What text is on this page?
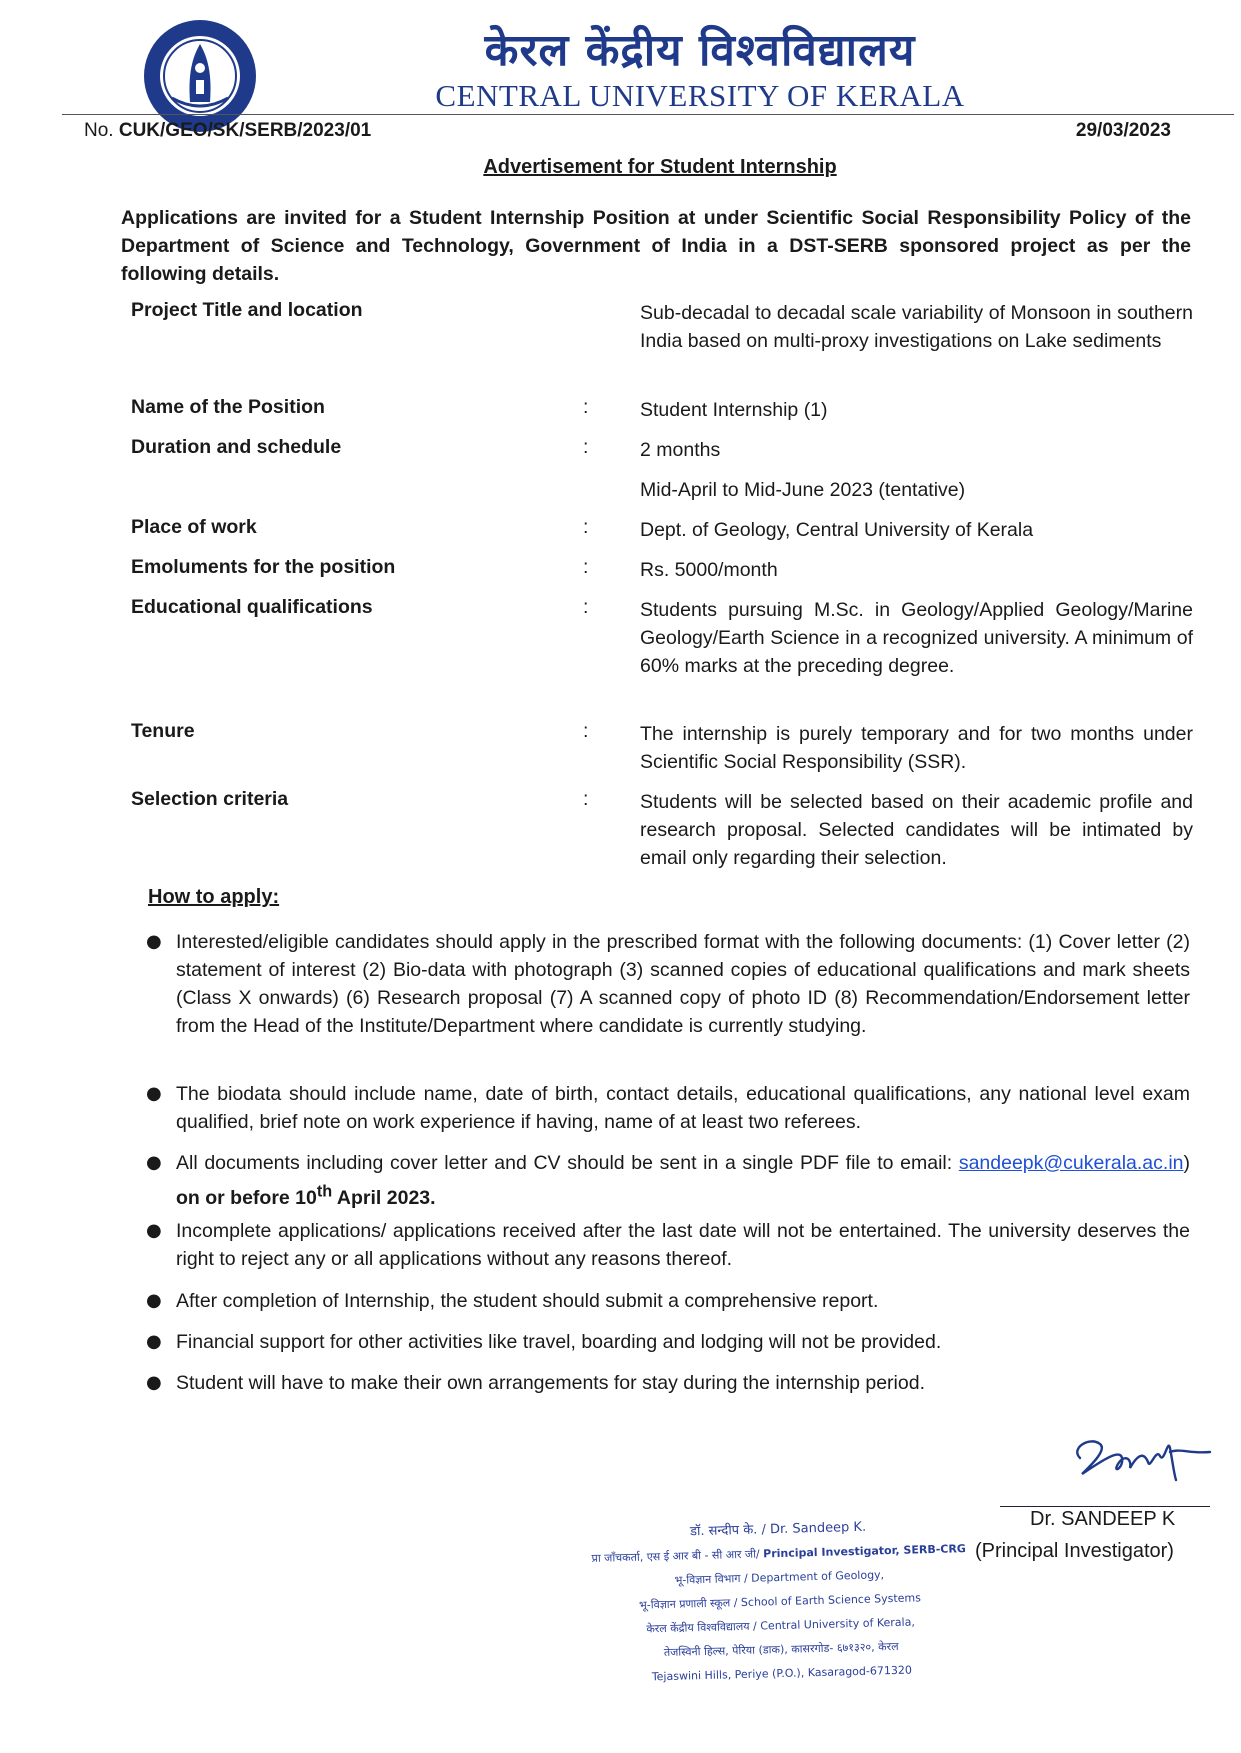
केरल केंद्रीय विश्वविद्यालय
CENTRAL UNIVERSITY OF KERALA
No. CUK/GEO/SK/SERB/2023/01	29/03/2023
Advertisement for Student Internship
Applications are invited for a Student Internship Position at under Scientific Social Responsibility Policy of the Department of Science and Technology, Government of India in a DST-SERB sponsored project as per the following details.
Project Title and location	Sub-decadal to decadal scale variability of Monsoon in southern India based on multi-proxy investigations on Lake sediments
Name of the Position	:	Student Internship (1)
Duration and schedule	:	2 months
Mid-April to Mid-June 2023 (tentative)
Place of work	:	Dept. of Geology, Central University of Kerala
Emoluments for the position	:	Rs. 5000/month
Educational qualifications	:	Students pursuing M.Sc. in Geology/Applied Geology/Marine Geology/Earth Science in a recognized university. A minimum of 60% marks at the preceding degree.
Tenure	:	The internship is purely temporary and for two months under Scientific Social Responsibility (SSR).
Selection criteria	:	Students will be selected based on their academic profile and research proposal. Selected candidates will be intimated by email only regarding their selection.
How to apply:
● Interested/eligible candidates should apply in the prescribed format with the following documents: (1) Cover letter (2) statement of interest (2) Bio-data with photograph (3) scanned copies of educational qualifications and mark sheets (Class X onwards) (6) Research proposal (7) A scanned copy of photo ID (8) Recommendation/Endorsement letter from the Head of the Institute/Department where candidate is currently studying.
● The biodata should include name, date of birth, contact details, educational qualifications, any national level exam qualified, brief note on work experience if having, name of at least two referees.
● All documents including cover letter and CV should be sent in a single PDF file to email: sandeepk@cukerala.ac.in) on or before 10th April 2023.
● Incomplete applications/ applications received after the last date will not be entertained. The university deserves the right to reject any or all applications without any reasons thereof.
● After completion of Internship, the student should submit a comprehensive report.
● Financial support for other activities like travel, boarding and lodging will not be provided.
● Student will have to make their own arrangements for stay during the internship period.
Dr. SANDEEP K
(Principal Investigator)
डॉ. सन्दीप के. / Dr. Sandeep K.
प्रा जाँचकर्ता, एस ई आर बी - सी आर जी/ Principal Investigator, SERB-CRG
भू-विज्ञान विभाग / Department of Geology,
भू-विज्ञान प्रणाली स्कूल / School of Earth Science Systems
केरल केंद्रीय विश्वविद्यालय / Central University of Kerala,
तेजस्विनी हिल्स, पेरिया (डाक), कासरगोड- ६७१३२०, केरल
Tejaswini Hills, Periye (P.O.), Kasaragod-671320
